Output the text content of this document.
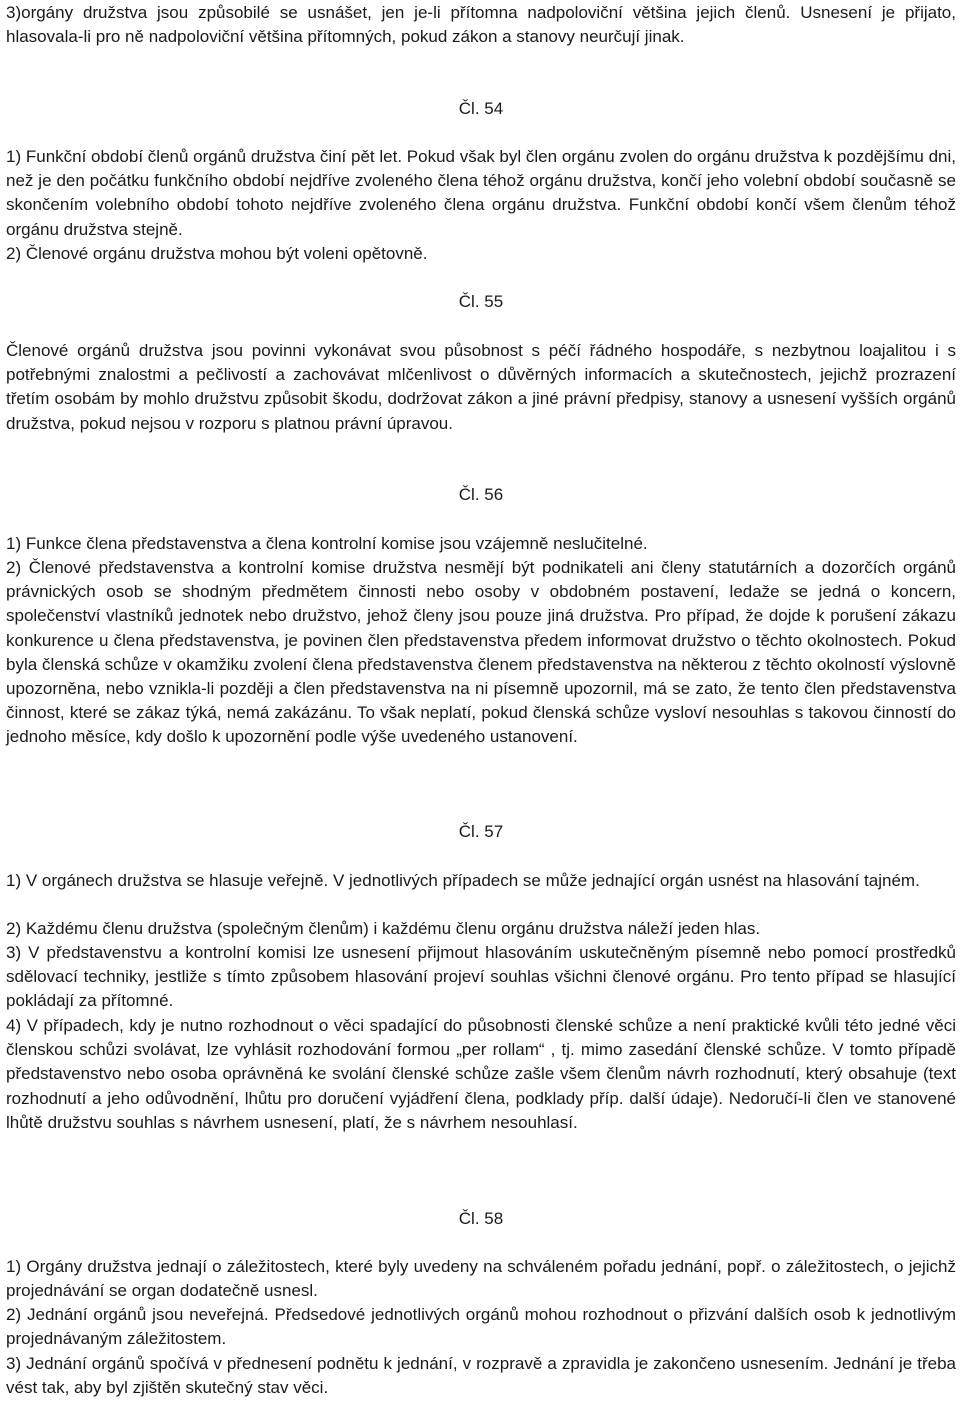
3)orgány družstva jsou způsobilé se usnášet, jen je-li přítomna nadpoloviční většina jejich členů. Usnesení je přijato, hlasovala-li pro ně nadpoloviční většina přítomných, pokud zákon a stanovy neurčují jinak.

Čl. 54

1) Funkční období členů orgánů družstva činí pět let. Pokud však byl člen orgánu zvolen do orgánu družstva k pozdějšímu dni, než je den počátku funkčního období nejdříve zvoleného člena téhož orgánu družstva, končí jeho volební období současně se skončením volebního období tohoto nejdříve zvoleného člena orgánu družstva. Funkční období končí všem členům téhož orgánu družstva stejně.

2) Členové orgánu družstva mohou být voleni opětovně.

Čl. 55

Členové orgánů družstva jsou povinni vykonávat svou působnost s péčí řádného hospodáře, s nezbytnou loajalitou i s potřebnými znalostmi a pečlivostí a zachovávat mlčenlivost o důvěrných informacích a skutečnostech, jejichž prozrazení třetím osobám by mohlo družstvu způsobit škodu, dodržovat zákon a jiné právní předpisy, stanovy a usnesení vyšších orgánů družstva, pokud nejsou v rozporu s platnou právní úpravou.

Čl. 56

1) Funkce člena představenstva a člena kontrolní komise jsou vzájemně neslučitelné.

2) Členové představenstva a kontrolní komise družstva nesmějí být podnikateli ani členy statutárních a dozorčích orgánů právnických osob se shodným předmětem činnosti nebo osoby v obdobném postavení, ledaže se jedná o koncern, společenství vlastníků jednotek nebo družstvo, jehož členy jsou pouze jiná družstva. Pro případ, že dojde k porušení zákazu konkurence u člena představenstva, je povinen člen představenstva předem informovat družstvo o těchto okolnostech. Pokud byla členská schůze v okamžiku zvolení člena představenstva členem představenstva na některou z těchto okolností výslovně upozorněna, nebo vznikla-li později a člen představenstva na ni písemně upozornil, má se zato, že tento člen představenstva činnost, které se zákaz týká, nemá zakázánu. To však neplatí, pokud členská schůze vysloví nesouhlas s takovou činností do jednoho měsíce, kdy došlo k upozornění podle výše uvedeného ustanovení.

Čl. 57

1) V orgánech družstva se hlasuje veřejně. V jednotlivých případech se může jednající orgán usnést na hlasování tajném.

2) Každému členu družstva (společným členům) i každému členu orgánu družstva náleží jeden hlas.

3) V představenstvu a kontrolní komisi lze usnesení přijmout hlasováním uskutečněným písemně nebo pomocí prostředků sdělovací techniky, jestliže s tímto způsobem hlasování projeví souhlas všichni členové orgánu. Pro tento případ se hlasující pokládají za přítomné.

4) V případech, kdy je nutno rozhodnout o věci spadající do působnosti členské schůze a není praktické kvůli této jedné věci členskou schůzi svolávat, lze vyhlásit rozhodování formou „per rollam“ , tj. mimo zasedání členské schůze. V tomto případě představenstvo nebo osoba oprávněná ke svolání členské schůze zašle všem členům návrh rozhodnutí, který obsahuje (text rozhodnutí a jeho odůvodnění, lhůtu pro doručení vyjádření člena, podklady příp. další údaje). Nedoručí-li člen ve stanovené lhůtě družstvu souhlas s návrhem usnesení, platí, že s návrhem nesouhlasí.

Čl. 58

1) Orgány družstva jednají o záležitostech, které byly uvedeny na schváleném pořadu jednání, popř. o záležitostech, o jejichž projednávání se organ dodatečně usnesl.

2) Jednání orgánů jsou neveřejná. Předsedové jednotlivých orgánů mohou rozhodnout o přizvání dalších osob k jednotlivým projednávaným záležitostem.

3) Jednání orgánů spočívá v přednesení podnětu k jednání, v rozpravě a zpravidla je zakončeno usnesením. Jednání je třeba vést tak, aby byl zjištěn skutečný stav věci.
